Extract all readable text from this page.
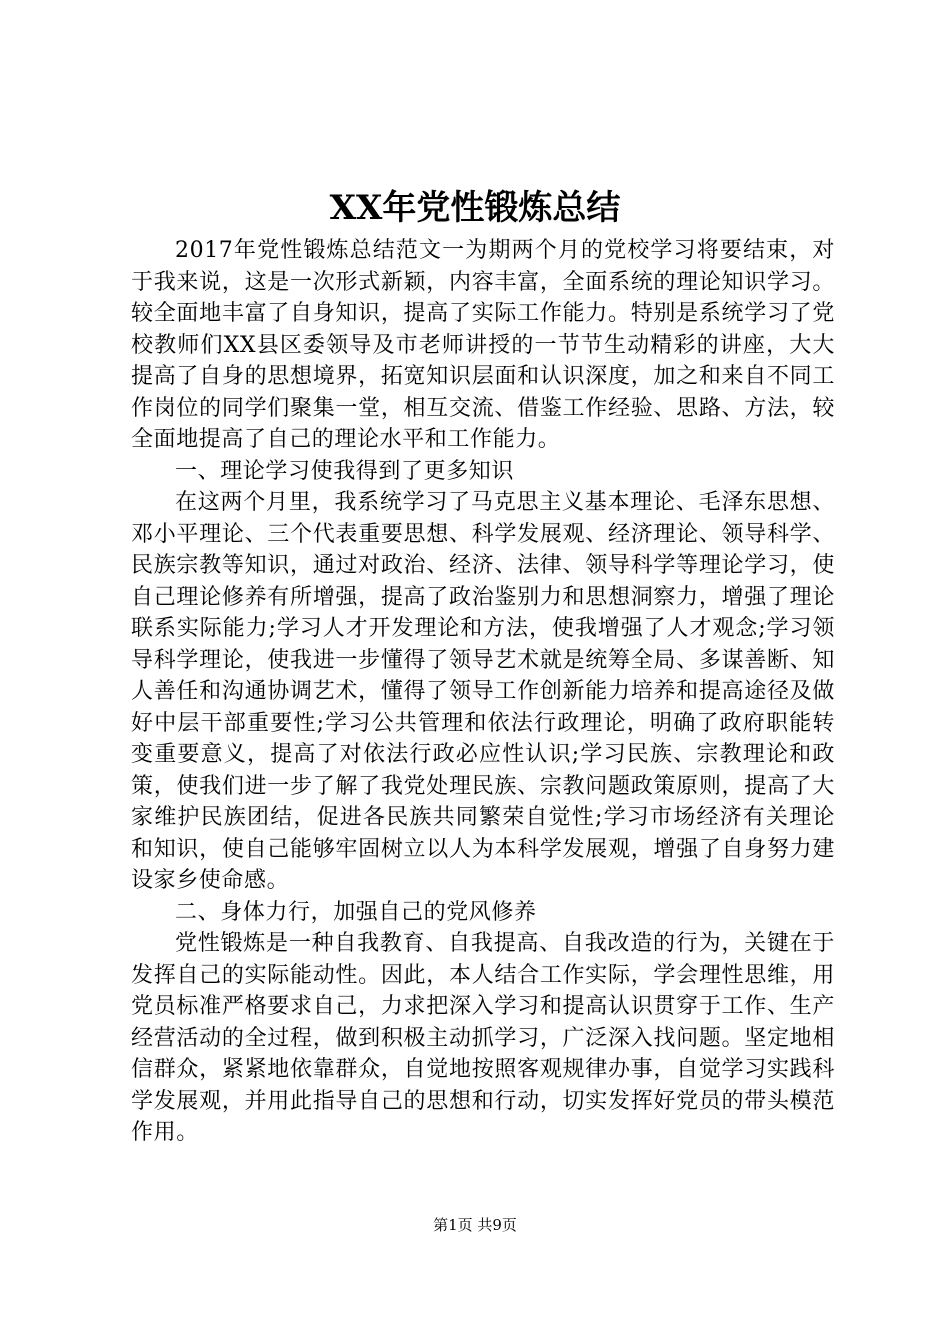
XX年党性锻炼总结

2017年党性锻炼总结范文一为期两个月的党校学习将要结束，对于我来说，这是一次形式新颖，内容丰富，全面系统的理论知识学习。较全面地丰富了自身知识，提高了实际工作能力。特别是系统学习了党校教师们XX县区委领导及市老师讲授的一节节生动精彩的讲座，大大提高了自身的思想境界，拓宽知识层面和认识深度，加之和来自不同工作岗位的同学们聚集一堂，相互交流、借鉴工作经验、思路、方法，较全面地提高了自己的理论水平和工作能力。

一、理论学习使我得到了更多知识

在这两个月里，我系统学习了马克思主义基本理论、毛泽东思想、邓小平理论、三个代表重要思想、科学发展观、经济理论、领导科学、民族宗教等知识，通过对政治、经济、法律、领导科学等理论学习，使自己理论修养有所增强，提高了政治鉴别力和思想洞察力，增强了理论联系实际能力;学习人才开发理论和方法，使我增强了人才观念;学习领导科学理论，使我进一步懂得了领导艺术就是统筹全局、多谋善断、知人善任和沟通协调艺术，懂得了领导工作创新能力培养和提高途径及做好中层干部重要性;学习公共管理和依法行政理论，明确了政府职能转变重要意义，提高了对依法行政必应性认识;学习民族、宗教理论和政策，使我们进一步了解了我党处理民族、宗教问题政策原则，提高了大家维护民族团结，促进各民族共同繁荣自觉性;学习市场经济有关理论和知识，使自己能够牢固树立以人为本科学发展观，增强了自身努力建设家乡使命感。

二、身体力行，加强自己的党风修养

党性锻炼是一种自我教育、自我提高、自我改造的行为，关键在于发挥自己的实际能动性。因此，本人结合工作实际，学会理性思维，用党员标准严格要求自己，力求把深入学习和提高认识贯穿于工作、生产经营活动的全过程，做到积极主动抓学习，广泛深入找问题。坚定地相信群众，紧紧地依靠群众，自觉地按照客观规律办事，自觉学习实践科学发展观，并用此指导自己的思想和行动，切实发挥好党员的带头模范作用。

第1页 共9页
